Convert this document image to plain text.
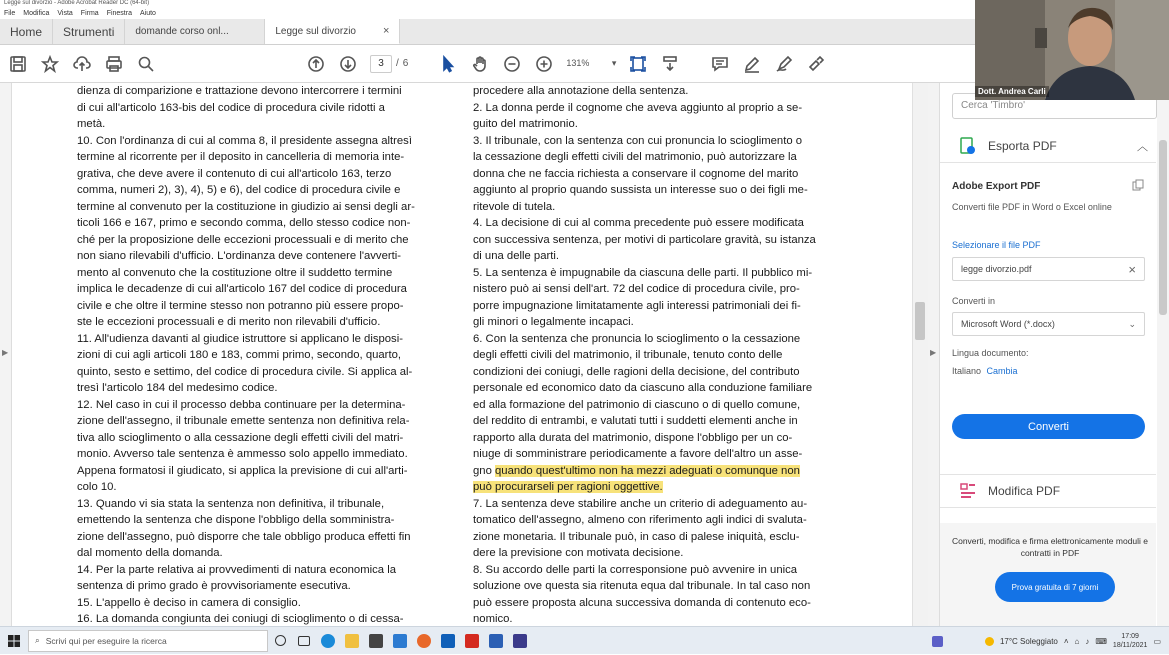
Legge sul divorzio - Adobe Acrobat Reader DC (64-bit)
File Modifica Vista Firma Finestra Aiuto
Home	Strumenti	domande corso onl...	Legge sul divorzio ×
3	/ 6	131% ▾
▶

dienza di comparizione e trattazione devono intercorrere i termini

di cui all'articolo 163-bis del codice di procedura civile ridotti a

metà.

10. Con l'ordinanza di cui al comma 8, il presidente assegna altresì

termine al ricorrente per il deposito in cancelleria di memoria inte-

grativa, che deve avere il contenuto di cui all'articolo 163, terzo

comma, numeri 2), 3), 4), 5) e 6), del codice di procedura civile e

termine al convenuto per la costituzione in giudizio ai sensi degli ar-

ticoli 166 e 167, primo e secondo comma, dello stesso codice non-

ché per la proposizione delle eccezioni processuali e di merito che

non siano rilevabili d'ufficio. L'ordinanza deve contenere l'avverti-

mento al convenuto che la costituzione oltre il suddetto termine

implica le decadenze di cui all'articolo 167 del codice di procedura

civile e che oltre il termine stesso non potranno più essere propo-

ste le eccezioni processuali e di merito non rilevabili d'ufficio.

11. All'udienza davanti al giudice istruttore si applicano le disposi-

zioni di cui agli articoli 180 e 183, commi primo, secondo, quarto,

quinto, sesto e settimo, del codice di procedura civile. Si applica al-

tresì l'articolo 184 del medesimo codice.

12. Nel caso in cui il processo debba continuare per la determina-

zione dell'assegno, il tribunale emette sentenza non definitiva rela-

tiva allo scioglimento o alla cessazione degli effetti civili del matri-

monio. Avverso tale sentenza è ammesso solo appello immediato.

Appena formatosi il giudicato, si applica la previsione di cui all'arti-

colo 10.

13. Quando vi sia stata la sentenza non definitiva, il tribunale,

emettendo la sentenza che dispone l'obbligo della somministra-

zione dell'assegno, può disporre che tale obbligo produca effetti fin

dal momento della domanda.

14. Per la parte relativa ai provvedimenti di natura economica la

sentenza di primo grado è provvisoriamente esecutiva.

15. L'appello è deciso in camera di consiglio.

16. La domanda congiunta dei coniugi di scioglimento o di cessa-

procedere alla annotazione della sentenza.

2. La donna perde il cognome che aveva aggiunto al proprio a se-

guito del matrimonio.

3. Il tribunale, con la sentenza con cui pronuncia lo scioglimento o

la cessazione degli effetti civili del matrimonio, può autorizzare la

donna che ne faccia richiesta a conservare il cognome del marito

aggiunto al proprio quando sussista un interesse suo o dei figli me-

ritevole di tutela.

4. La decisione di cui al comma precedente può essere modificata

con successiva sentenza, per motivi di particolare gravità, su istanza

di una delle parti.

5. La sentenza è impugnabile da ciascuna delle parti. Il pubblico mi-

nistero può ai sensi dell'art. 72 del codice di procedura civile, pro-

porre impugnazione limitatamente agli interessi patrimoniali dei fi-

gli minori o legalmente incapaci.

6. Con la sentenza che pronuncia lo scioglimento o la cessazione

degli effetti civili del matrimonio, il tribunale, tenuto conto delle

condizioni dei coniugi, delle ragioni della decisione, del contributo

personale ed economico dato da ciascuno alla conduzione familiare

ed alla formazione del patrimonio di ciascuno o di quello comune,

del reddito di entrambi, e valutati tutti i suddetti elementi anche in

rapporto alla durata del matrimonio, dispone l'obbligo per un co-

niuge di somministrare periodicamente a favore dell'altro un asse-

gno quando quest'ultimo non ha mezzi adeguati o comunque non

può procurarseli per ragioni oggettive.

7. La sentenza deve stabilire anche un criterio di adeguamento au-

tomatico dell'assegno, almeno con riferimento agli indici di svaluta-

zione monetaria. Il tribunale può, in caso di palese iniquità, esclu-

dere la previsione con motivata decisione.

8. Su accordo delle parti la corresponsione può avvenire in unica

soluzione ove questa sia ritenuta equa dal tribunale. In tal caso non

può essere proposta alcuna successiva domanda di contenuto eco-

nomico.

▶
Cerca 'Timbro'
Esporta PDF	︿
Adobe Export PDF
Converti file PDF in Word o Excel online
Selezionare il file PDF
legge divorzio.pdf	×
Converti in
Microsoft Word (*.docx)	⌄
Lingua documento:
Italiano Cambia
Converti
Modifica PDF
Converti, modifica e firma elettronicamente moduli e contratti in PDF
Prova gratuita di 7 giorni
Dott. Andrea Carli
⌕ Scrivi qui per eseguire la ricerca	17°C Soleggiato ˄ ⌂ ♪ ⌨	17:09
18/11/2021 ▭
